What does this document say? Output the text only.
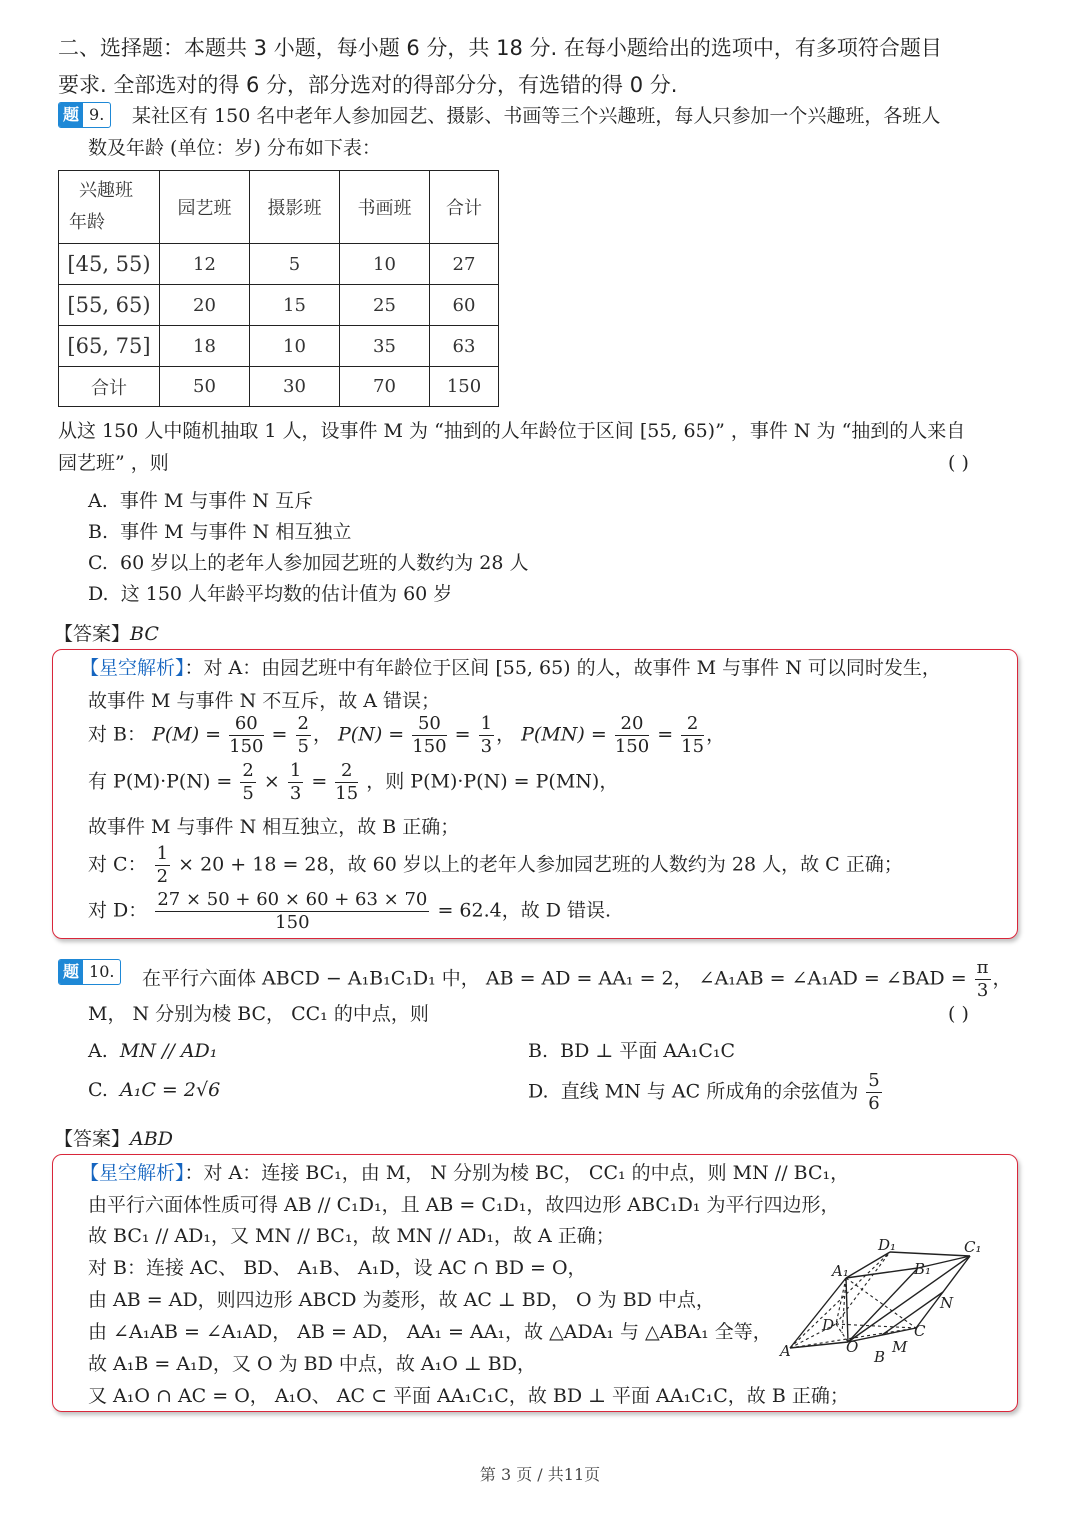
二、选择题：本题共 3 小题，每小题 6 分，共 18 分. 在每小题给出的选项中，有多项符合题目
要求. 全部选对的得 6 分，部分选对的得部分分，有选错的得 0 分.
题 9.	某社区有 150 名中老年人参加园艺、摄影、书画等三个兴趣班，每人只参加一个兴趣班，各班人
数及年龄 (单位：岁) 分布如下表：
兴趣班
年龄	园艺班	摄影班	书画班	合计
[45, 55)	12	5	10	27
[55, 65)	20	15	25	60
[65, 75]	18	10	35	63
合计	50	30	70	150
从这 150 人中随机抽取 1 人，设事件 M 为 “抽到的人年龄位于区间 [55, 65)” ，事件 N 为 “抽到的人来自
园艺班” ，则	( )
A. 事件 M 与事件 N 互斥
B. 事件 M 与事件 N 相互独立
C. 60 岁以上的老年人参加园艺班的人数约为 28 人
D. 这 150 人年龄平均数的估计值为 60 岁
【答案】BC
【星空解析】：对 A：由园艺班中有年龄位于区间 [55, 65) 的人，故事件 M 与事件 N 可以同时发生，
故事件 M 与事件 N 不互斥，故 A 错误；
对 B： $P(M) = \frac{60}{150} = \frac{2}{5}$ ， $P(N) = \frac{50}{150} = \frac{1}{3}$ ， $P(MN) = \frac{20}{150} = \frac{2}{15}$ ，
有 $P(M)\cdot P(N) = \frac{2}{5} \times \frac{1}{3} = \frac{2}{15}$ ，则 P(M)·P(N) = P(MN)，
故事件 M 与事件 N 相互独立，故 B 正确；
对 C： $\frac{1}{2} \times 20 + 18 = 28$，故 60 岁以上的老年人参加园艺班的人数约为 28 人，故 C 正确；
对 D： $\frac{27 \times 50 + 60 \times 60 + 63 \times 70}{150} = 62.4$，故 D 错误.
题 10.	在平行六面体 ABCD − A₁B₁C₁D₁ 中， AB = AD = AA₁ = 2， ∠A₁AB = ∠A₁AD = ∠BAD = $\frac{\pi}{3}$ ，
M， N 分别为棱 BC， CC₁ 的中点，则	( )
A. MN // AD₁	B. BD ⊥ 平面 AA₁C₁C
C. A₁C = 2√6	D. 直线 MN 与 AC 所成角的余弦值为 $\frac{5}{6}$
【答案】ABD
【星空解析】：对 A：连接 BC₁，由 M， N 分别为棱 BC， CC₁ 的中点，则 MN // BC₁，
由平行六面体性质可得 AB // C₁D₁，且 AB = C₁D₁，故四边形 ABC₁D₁ 为平行四边形，
故 BC₁ // AD₁，又 MN // BC₁，故 MN // AD₁，故 A 正确；
对 B：连接 AC、 BD、 A₁B、 A₁D，设 AC ∩ BD = O，
由 AB = AD，则四边形 ABCD 为菱形，故 AC ⊥ BD， O 为 BD 中点，
由 ∠A₁AB = ∠A₁AD， AB = AD， AA₁ = AA₁，故 △ADA₁ 与 △ABA₁ 全等，
故 A₁B = A₁D，又 O 为 BD 中点，故 A₁O ⊥ BD，
又 A₁O ∩ AC = O， A₁O、 AC ⊂ 平面 AA₁C₁C，故 BD ⊥ 平面 AA₁C₁C，故 B 正确；
D₁	C₁
A₁	B₁
N
D	C
A	O
B
M
第 3 页 / 共11页
